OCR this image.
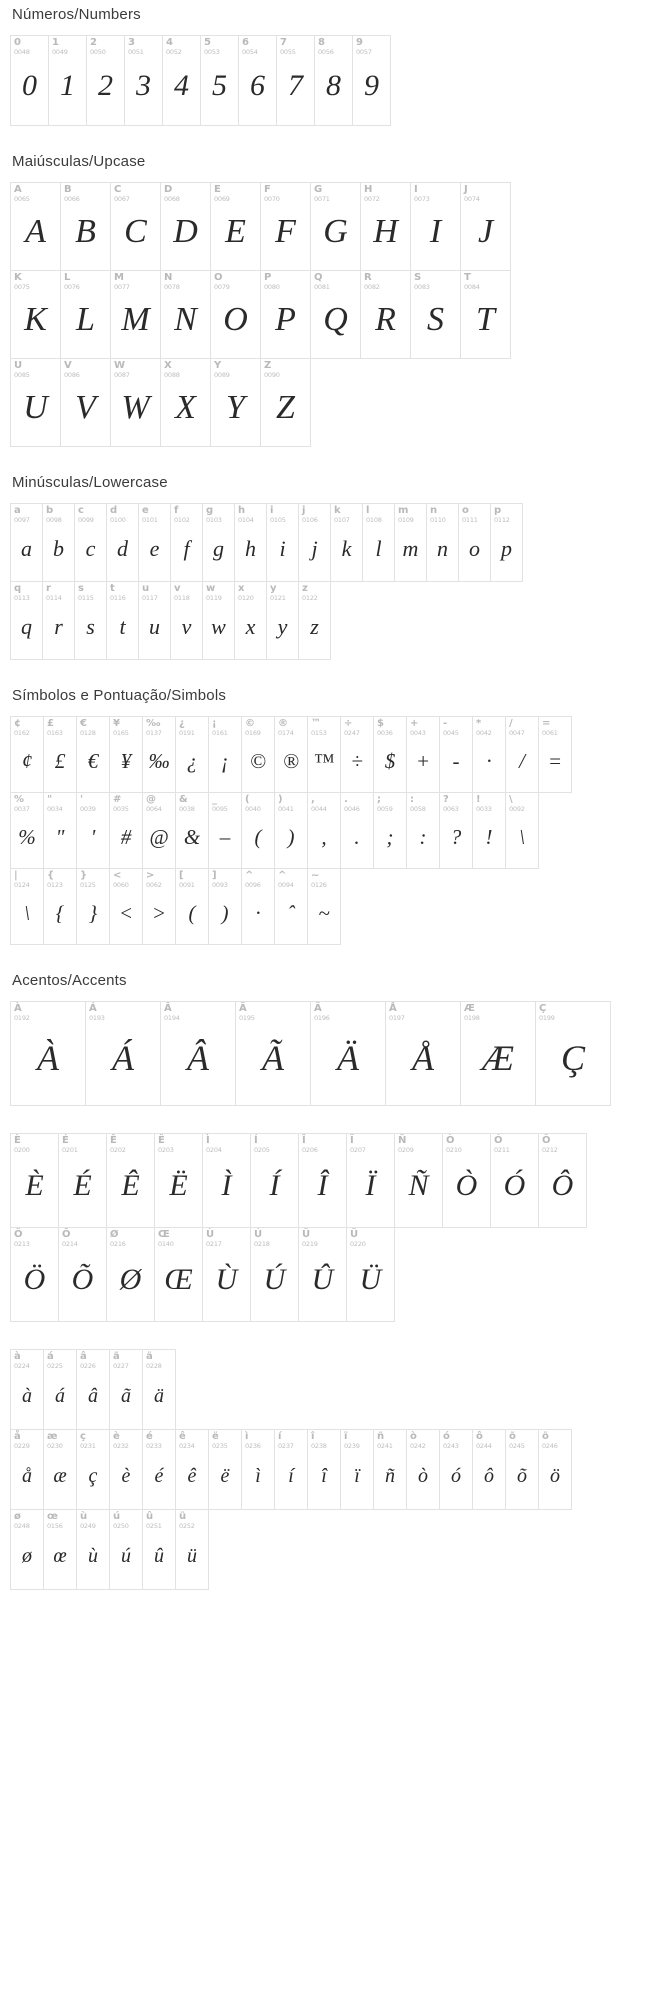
Números/Numbers
0
0048
0
1
0049
1
2
0050
2
3
0051
3
4
0052
4
5
0053
5
6
0054
6
7
0055
7
8
0056
8
9
0057
9
Maiúsculas/Upcase
A
0065
A
B
0066
B
C
0067
C
D
0068
D
E
0069
E
F
0070
F
G
0071
G
H
0072
H
I
0073
I
J
0074
J
K
0075
K
L
0076
L
M
0077
M
N
0078
N
O
0079
O
P
0080
P
Q
0081
Q
R
0082
R
S
0083
S
T
0084
T
U
0085
U
V
0086
V
W
0087
W
X
0088
X
Y
0089
Y
Z
0090
Z
Minúsculas/Lowercase
a
0097
a
b
0098
b
c
0099
c
d
0100
d
e
0101
e
f
0102
f
g
0103
g
h
0104
h
i
0105
i
j
0106
j
k
0107
k
l
0108
l
m
0109
m
n
0110
n
o
0111
o
p
0112
p
q
0113
q
r
0114
r
s
0115
s
t
0116
t
u
0117
u
v
0118
v
w
0119
w
x
0120
x
y
0121
y
z
0122
z
Símbolos e Pontuação/Simbols
¢
0162
¢
£
0163
£
€
0128
€
¥
0165
¥
‰
0137
‰
¿
0191
¿
¡
0161
¡
©
0169
©
®
0174
®
™
0153
™
÷
0247
÷
$
0036
$
+
0043
+
-
0045
-
*
0042
·
/
0047
/
=
0061
=
%
0037
%
"
0034
"
'
0039
'
#
0035
#
@
0064
@
&
0038
&
_
0095
–
(
0040
(
)
0041
)
,
0044
,
.
0046
.
;
0059
;
:
0058
:
?
0063
?
!
0033
!
\
0092
\
|
0124
\
{
0123
{
}
0125
}
<
0060
<
>
0062
>
[
0091
(
]
0093
)
^
0096
·
^
0094
ˆ
~
0126
~
Acentos/Accents
À
0192
À
Á
0193
Á
Â
0194
Â
Ã
0195
Ã
Ä
0196
Ä
Å
0197
Å
Æ
0198
Æ
Ç
0199
Ç
È
0200
È
É
0201
É
Ê
0202
Ê
Ë
0203
Ë
Ì
0204
Ì
Í
0205
Í
Î
0206
Î
Ï
0207
Ï
Ñ
0209
Ñ
Ò
0210
Ò
Ó
0211
Ó
Ô
0212
Ô
Ö
0213
Ö
Õ
0214
Õ
Ø
0216
Ø
Œ
0140
Œ
Ù
0217
Ù
Ú
0218
Ú
Û
0219
Û
Ü
0220
Ü
à
0224
à
á
0225
á
â
0226
â
ã
0227
ã
ä
0228
ä
å
0229
å
æ
0230
æ
ç
0231
ç
è
0232
è
é
0233
é
ê
0234
ê
ë
0235
ë
ì
0236
ì
í
0237
í
î
0238
î
ï
0239
ï
ñ
0241
ñ
ò
0242
ò
ó
0243
ó
ô
0244
ô
õ
0245
õ
ö
0246
ö
ø
0248
ø
œ
0156
œ
ù
0249
ù
ú
0250
ú
û
0251
û
ü
0252
ü
